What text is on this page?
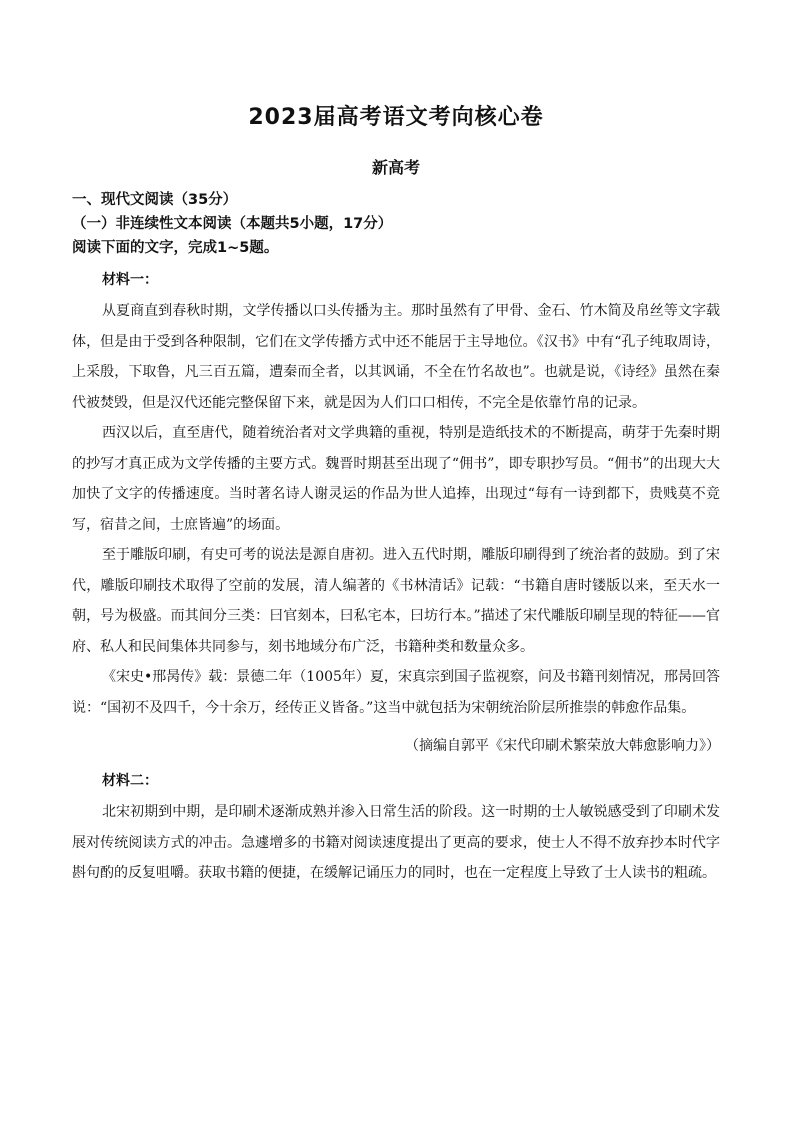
2023届高考语文考向核心卷
新高考
一、现代文阅读（35分）
（一）非连续性文本阅读（本题共5小题，17分）
阅读下面的文字，完成1~5题。
材料一：

从夏商直到春秋时期，文学传播以口头传播为主。那时虽然有了甲骨、金石、竹木简及帛丝等文字载体，但是由于受到各种限制，它们在文学传播方式中还不能居于主导地位。《汉书》中有“孔子纯取周诗，上采殷，下取鲁，凡三百五篇，遭秦而全者，以其讽诵，不全在竹名故也”。也就是说，《诗经》虽然在秦代被焚毁，但是汉代还能完整保留下来，就是因为人们口口相传，不完全是依靠竹帛的记录。

西汉以后，直至唐代，随着统治者对文学典籍的重视，特别是造纸技术的不断提高，萌芽于先秦时期的抄写才真正成为文学传播的主要方式。魏晋时期甚至出现了“佣书”，即专职抄写员。“佣书”的出现大大加快了文字的传播速度。当时著名诗人谢灵运的作品为世人追捧，出现过“每有一诗到都下，贵贱莫不竞写，宿昔之间，士庶皆遍”的场面。

至于雕版印刷，有史可考的说法是源自唐初。进入五代时期，雕版印刷得到了统治者的鼓励。到了宋代，雕版印刷技术取得了空前的发展，清人编著的《书林清话》记载：“书籍自唐时镂版以来，至天水一朝，号为极盛。而其间分三类：曰官刻本，曰私宅本，曰坊行本。”描述了宋代雕版印刷呈现的特征——官府、私人和民间集体共同参与，刻书地域分布广泛，书籍种类和数量众多。

《宋史•邢昺传》载：景德二年（1005年）夏，宋真宗到国子监视察，问及书籍刊刻情况，邢昺回答说：“国初不及四千，今十余万，经传正义皆备。”这当中就包括为宋朝统治阶层所推崇的韩愈作品集。

（摘编自郭平《宋代印刷术繁荣放大韩愈影响力》）
材料二：

北宋初期到中期，是印刷术逐渐成熟并渗入日常生活的阶段。这一时期的士人敏锐感受到了印刷术发展对传统阅读方式的冲击。急遽增多的书籍对阅读速度提出了更高的要求，使士人不得不放弃抄本时代字斟句酌的反复咀嚼。获取书籍的便捷，在缓解记诵压力的同时，也在一定程度上导致了士人读书的粗疏。
